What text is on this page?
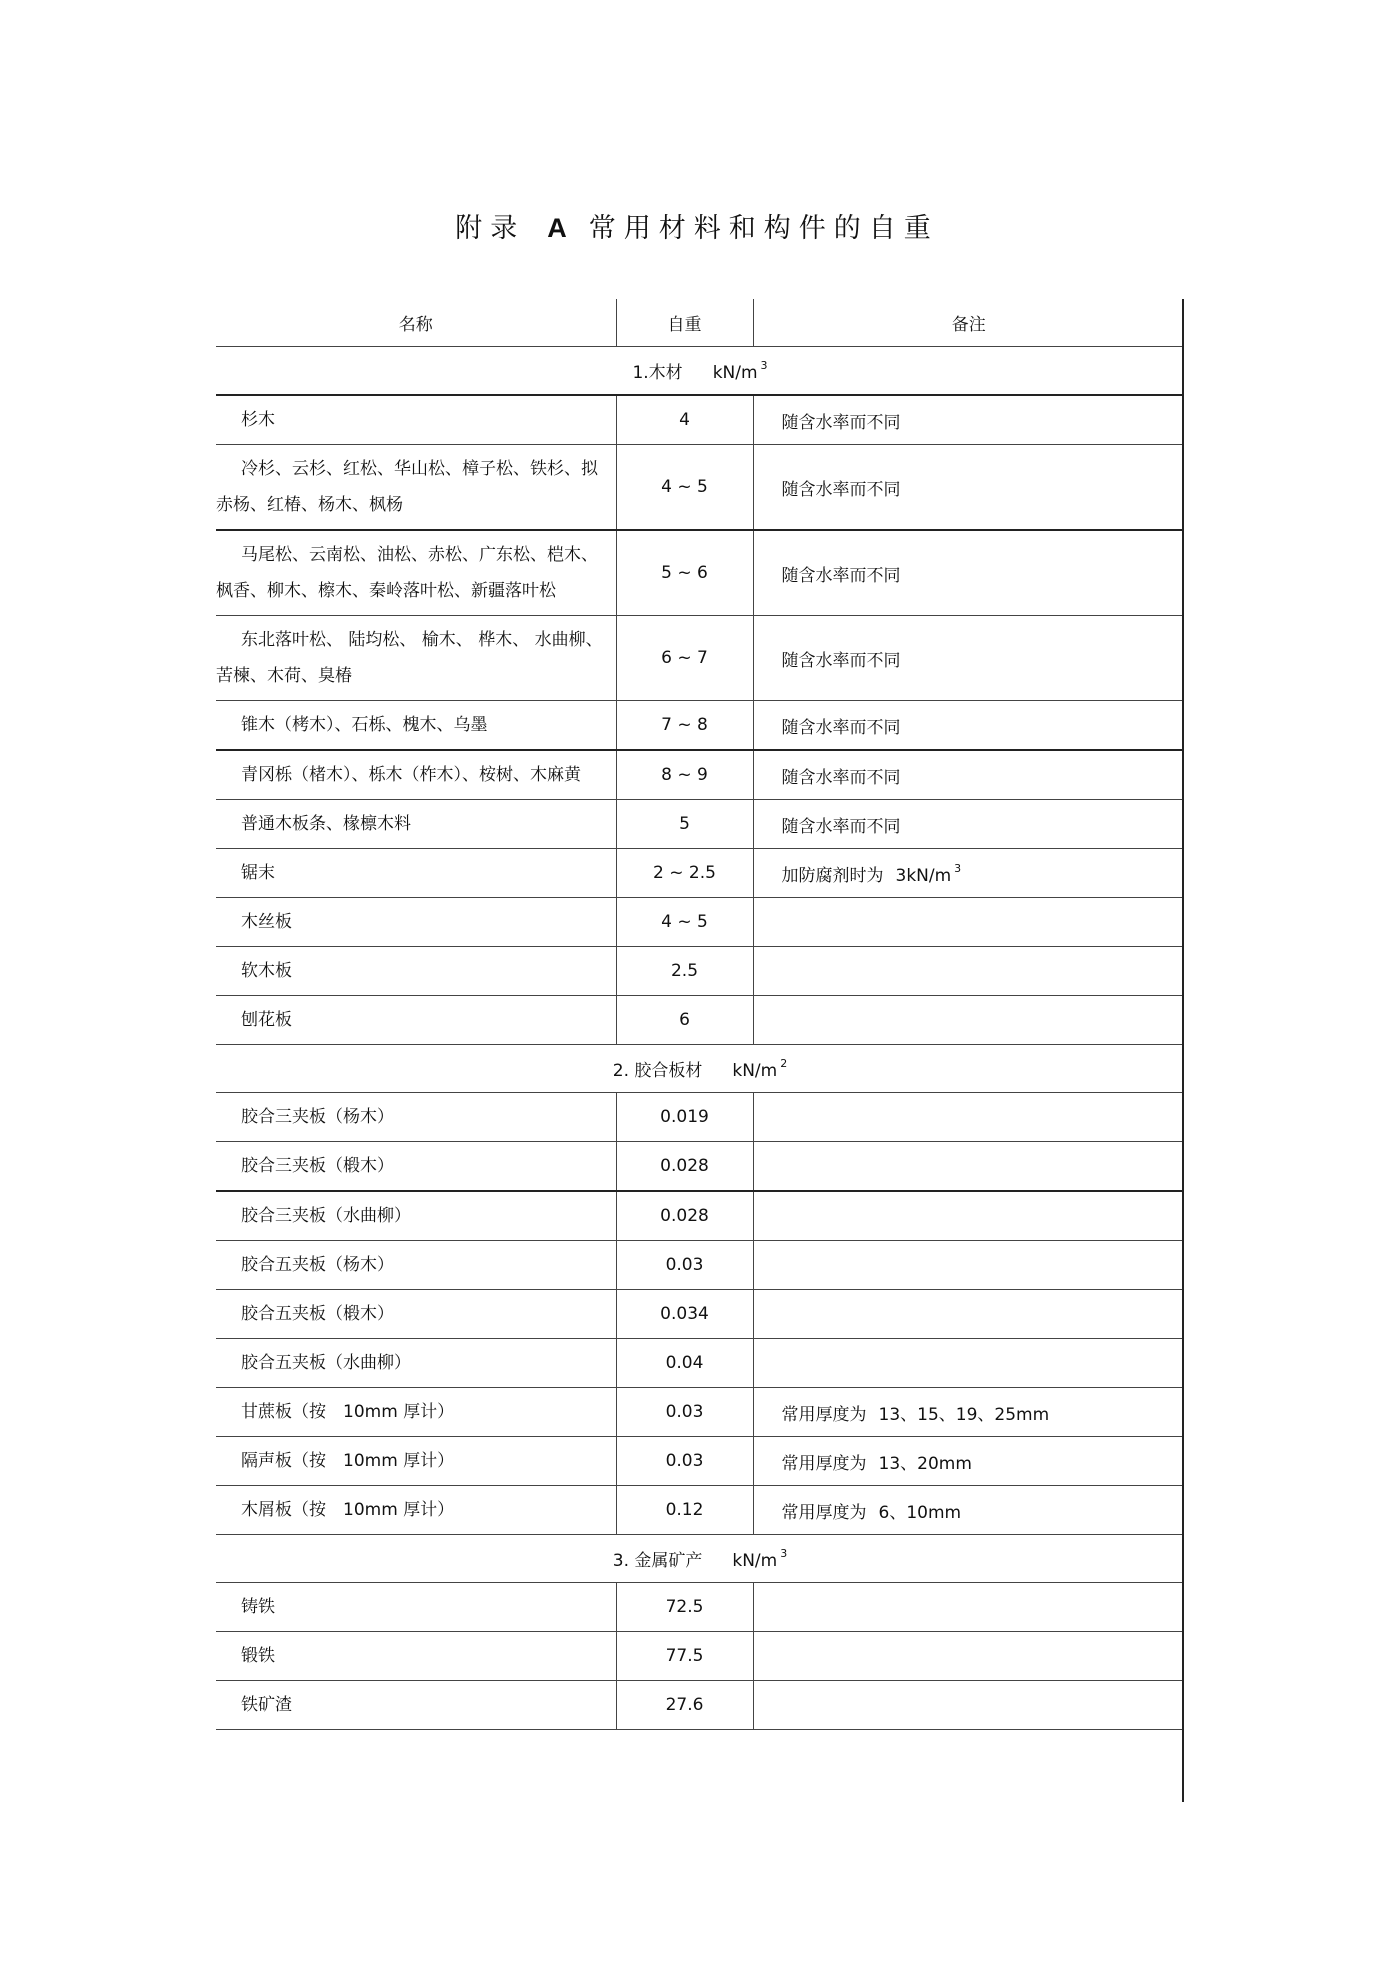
附录 A 常用材料和构件的自重
名称	自重	备注
1.木材 kN/m $^3$
杉木	4	随含水率而不同
冷杉、云杉、红松、华山松、樟子松、铁杉、拟赤杨、红椿、杨木、枫杨	4 ~ 5	随含水率而不同
马尾松、云南松、油松、赤松、广东松、桤木、枫香、柳木、檫木、秦岭落叶松、新疆落叶松	5 ~ 6	随含水率而不同
东北落叶松、 陆均松、 榆木、 桦木、 水曲柳、苦楝、木荷、臭椿	6 ~ 7	随含水率而不同
锥木（栲木）、石栎、槐木、乌墨	7 ~ 8	随含水率而不同
青冈栎（楮木）、栎木（柞木）、桉树、木麻黄	8 ~ 9	随含水率而不同
普通木板条、椽檩木料	5	随含水率而不同
锯末	2 ~ 2.5	加防腐剂时为 3kN/m $^3$
木丝板	4 ~ 5	
软木板	2.5	
刨花板	6	
2. 胶合板材 kN/m $^2$
胶合三夹板（杨木）	0.019	
胶合三夹板（椴木）	0.028	
胶合三夹板（水曲柳）	0.028	
胶合五夹板（杨木）	0.03	
胶合五夹板（椴木）	0.034	
胶合五夹板（水曲柳）	0.04	
甘蔗板（按　10mm 厚计）	0.03	常用厚度为 13、15、19、25mm
隔声板（按　10mm 厚计）	0.03	常用厚度为 13、20mm
木屑板（按　10mm 厚计）	0.12	常用厚度为 6、10mm
3. 金属矿产 kN/m $^3$
铸铁	72.5	
锻铁	77.5	
铁矿渣	27.6	
